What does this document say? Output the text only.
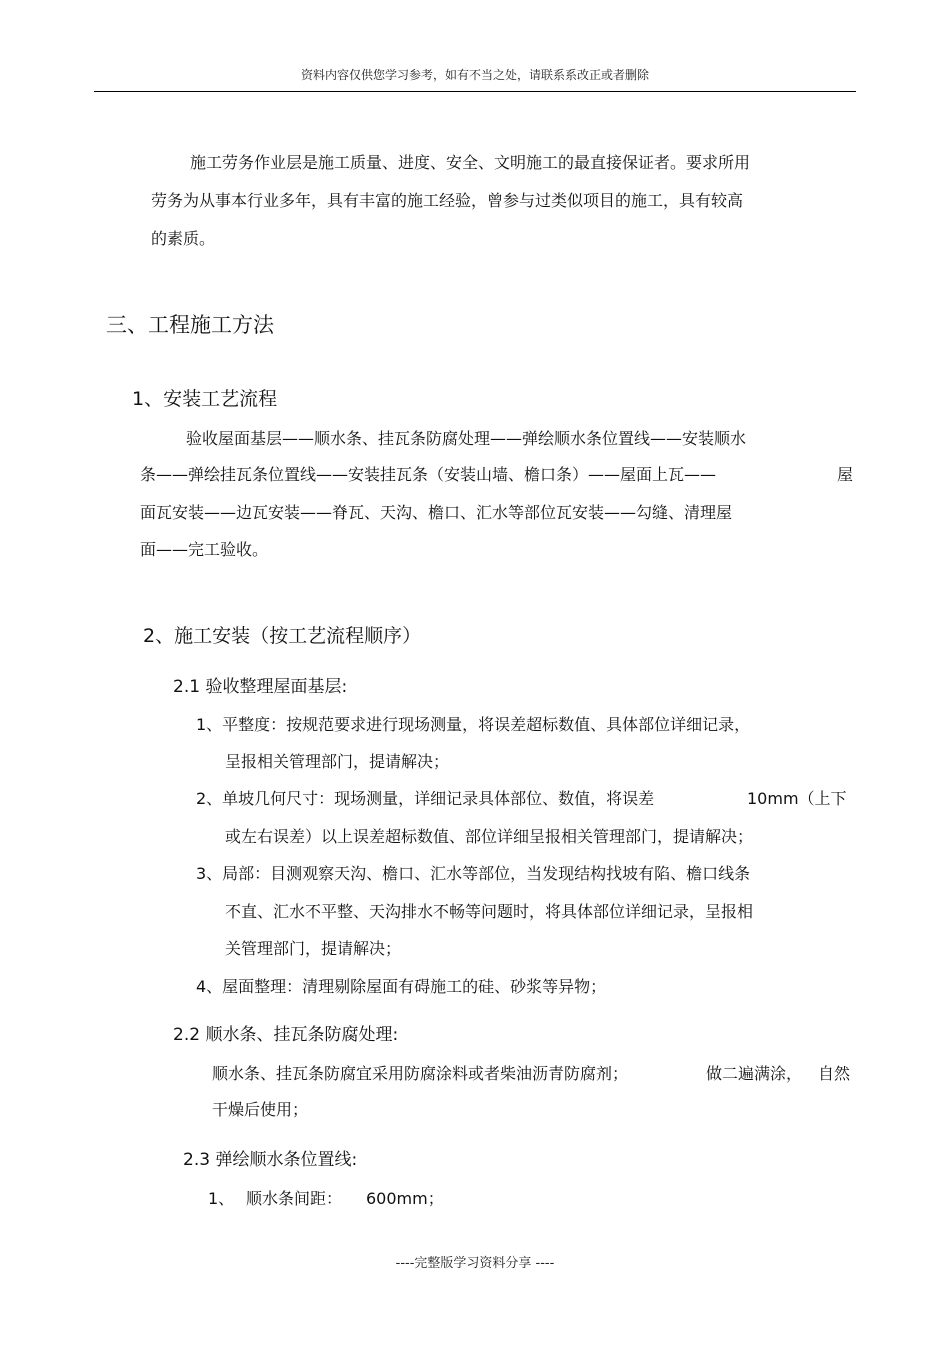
资料内容仅供您学习参考，如有不当之处，请联系系改正或者删除
施工劳务作业层是施工质量、进度、安全、文明施工的最直接保证者。要求所用
劳务为从事本行业多年，具有丰富的施工经验，曾参与过类似项目的施工，具有较高
的素质。
三、工程施工方法
1、安装工艺流程
验收屋面基层——顺水条、挂瓦条防腐处理——弹绘顺水条位置线——安装顺水
条——弹绘挂瓦条位置线——安装挂瓦条（安装山墙、檐口条）——屋面上瓦——	屋
面瓦安装——边瓦安装——脊瓦、天沟、檐口、汇水等部位瓦安装——勾缝、清理屋
面——完工验收。
2、施工安装（按工艺流程顺序）
2.1 验收整理屋面基层:
1、平整度：按规范要求进行现场测量，将误差超标数值、具体部位详细记录，
呈报相关管理部门，提请解决；
2、单坡几何尺寸：现场测量，详细记录具体部位、数值，将误差	10mm（上下
或左右误差）以上误差超标数值、部位详细呈报相关管理部门，提请解决；
3、局部：目测观察天沟、檐口、汇水等部位，当发现结构找坡有陷、檐口线条
不直、汇水不平整、天沟排水不畅等问题时，将具体部位详细记录，呈报相
关管理部门，提请解决；
4、屋面整理：清理剔除屋面有碍施工的硅、砂浆等异物；
2.2 顺水条、挂瓦条防腐处理:
顺水条、挂瓦条防腐宜采用防腐涂料或者柴油沥青防腐剂；	做二遍满涂， 自然
干燥后使用；
2.3 弹绘顺水条位置线:
1、 顺水条间距： 600mm；
----完整版学习资料分享 ----
